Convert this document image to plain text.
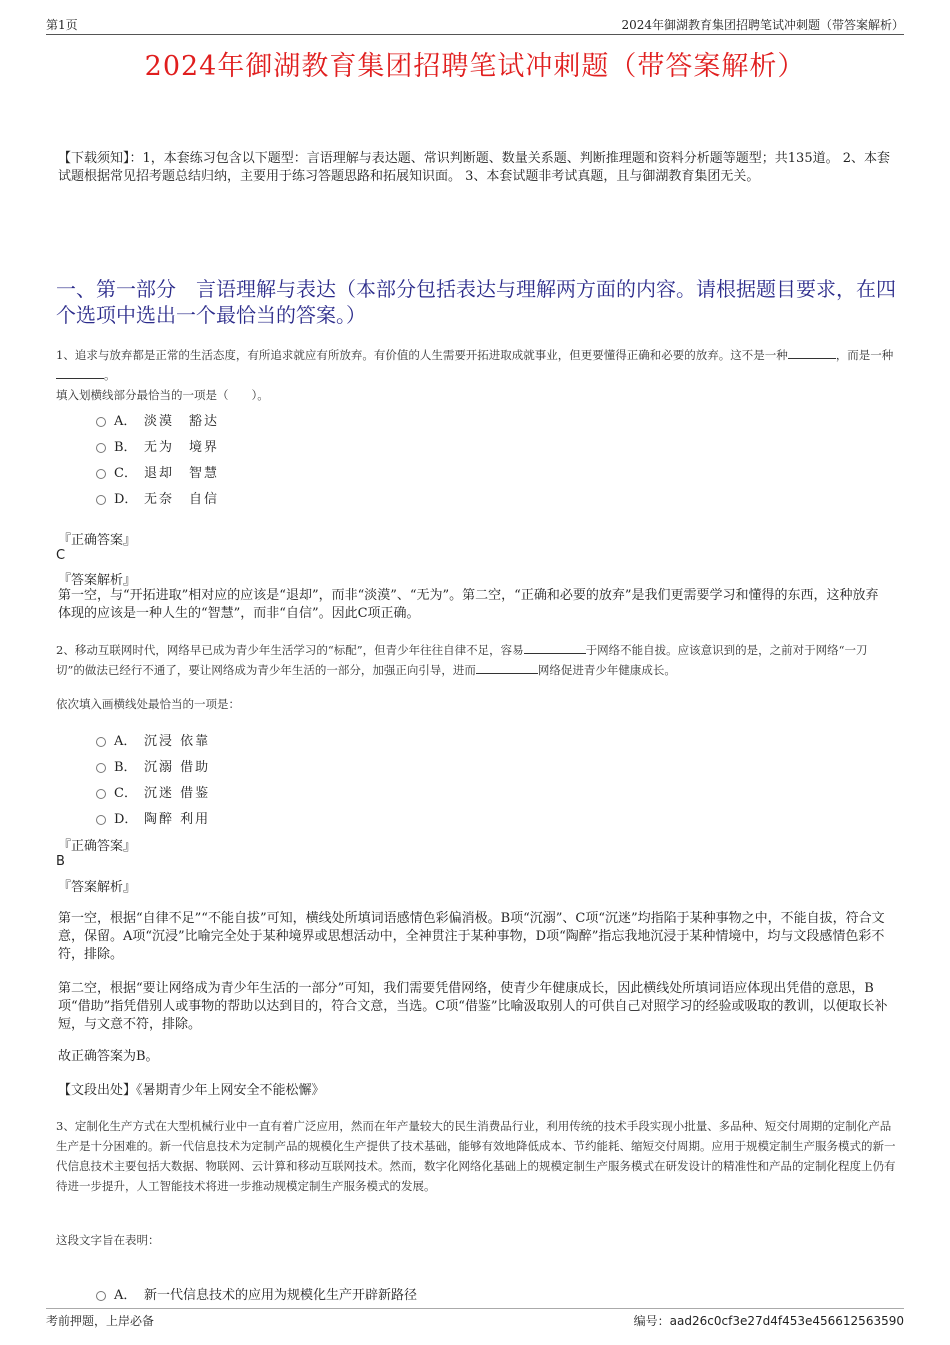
第1页	2024年御湖教育集团招聘笔试冲刺题（带答案解析）
2024年御湖教育集团招聘笔试冲刺题（带答案解析）
【下载须知】：1，本套练习包含以下题型：言语理解与表达题、常识判断题、数量关系题、判断推理题和资料分析题等题型；共135道。 2、本套试题根据常见招考题总结归纳，主要用于练习答题思路和拓展知识面。 3、本套试题非考试真题，且与御湖教育集团无关。
一、第一部分　言语理解与表达（本部分包括表达与理解两方面的内容。请根据题目要求，在四个选项中选出一个最恰当的答案。）
1、追求与放弃都是正常的生活态度，有所追求就应有所放弃。有价值的人生需要开拓进取成就事业，但更要懂得正确和必要的放弃。这不是一种	，而是一种。
填入划横线部分最恰当的一项是（　　）。
A． 淡漠　豁达
B． 无为　境界
C． 退却　智慧
D． 无奈　自信
『正确答案』
C
『答案解析』
第一空，与“开拓进取”相对应的应该是“退却”，而非“淡漠”、“无为”。第二空，“正确和必要的放弃”是我们更需要学习和懂得的东西，这种放弃体现的应该是一种人生的“智慧”，而非“自信”。因此C项正确。
2、移动互联网时代，网络早已成为青少年生活学习的“标配”，但青少年往往自律不足，容易	于网络不能自拔。应该意识到的是，之前对于网络“一刀切”的做法已经行不通了，要让网络成为青少年生活的一部分，加强正向引导，进而	网络促进青少年健康成长。
依次填入画横线处最恰当的一项是：
A． 沉浸 依靠
B． 沉溺 借助
C． 沉迷 借鉴
D． 陶醉 利用
『正确答案』
B
『答案解析』
第一空，根据“自律不足”“不能自拔”可知，横线处所填词语感情色彩偏消极。B项“沉溺”、C项“沉迷”均指陷于某种事物之中，不能自拔，符合文意，保留。A项“沉浸”比喻完全处于某种境界或思想活动中，全神贯注于某种事物，D项“陶醉”指忘我地沉浸于某种情境中，均与文段感情色彩不符，排除。
第二空，根据“要让网络成为青少年生活的一部分”可知，我们需要凭借网络，使青少年健康成长，因此横线处所填词语应体现出凭借的意思，B项“借助”指凭借别人或事物的帮助以达到目的，符合文意，当选。C项“借鉴”比喻汲取别人的可供自己对照学习的经验或吸取的教训，以便取长补短，与文意不符，排除。
故正确答案为B。
【文段出处】《暑期青少年上网安全不能松懈》
3、定制化生产方式在大型机械行业中一直有着广泛应用，然而在年产量较大的民生消费品行业，利用传统的技术手段实现小批量、多品种、短交付周期的定制化产品生产是十分困难的。新一代信息技术为定制产品的规模化生产提供了技术基础，能够有效地降低成本、节约能耗、缩短交付周期。应用于规模定制生产服务模式的新一代信息技术主要包括大数据、物联网、云计算和移动互联网技术。然而，数字化网络化基础上的规模定制生产服务模式在研发设计的精准性和产品的定制化程度上仍有待进一步提升，人工智能技术将进一步推动规模定制生产服务模式的发展。
这段文字旨在表明：
A． 新一代信息技术的应用为规模化生产开辟新路径
考前押题，上岸必备	编号：aad26c0cf3e27d4f453e456612563590
